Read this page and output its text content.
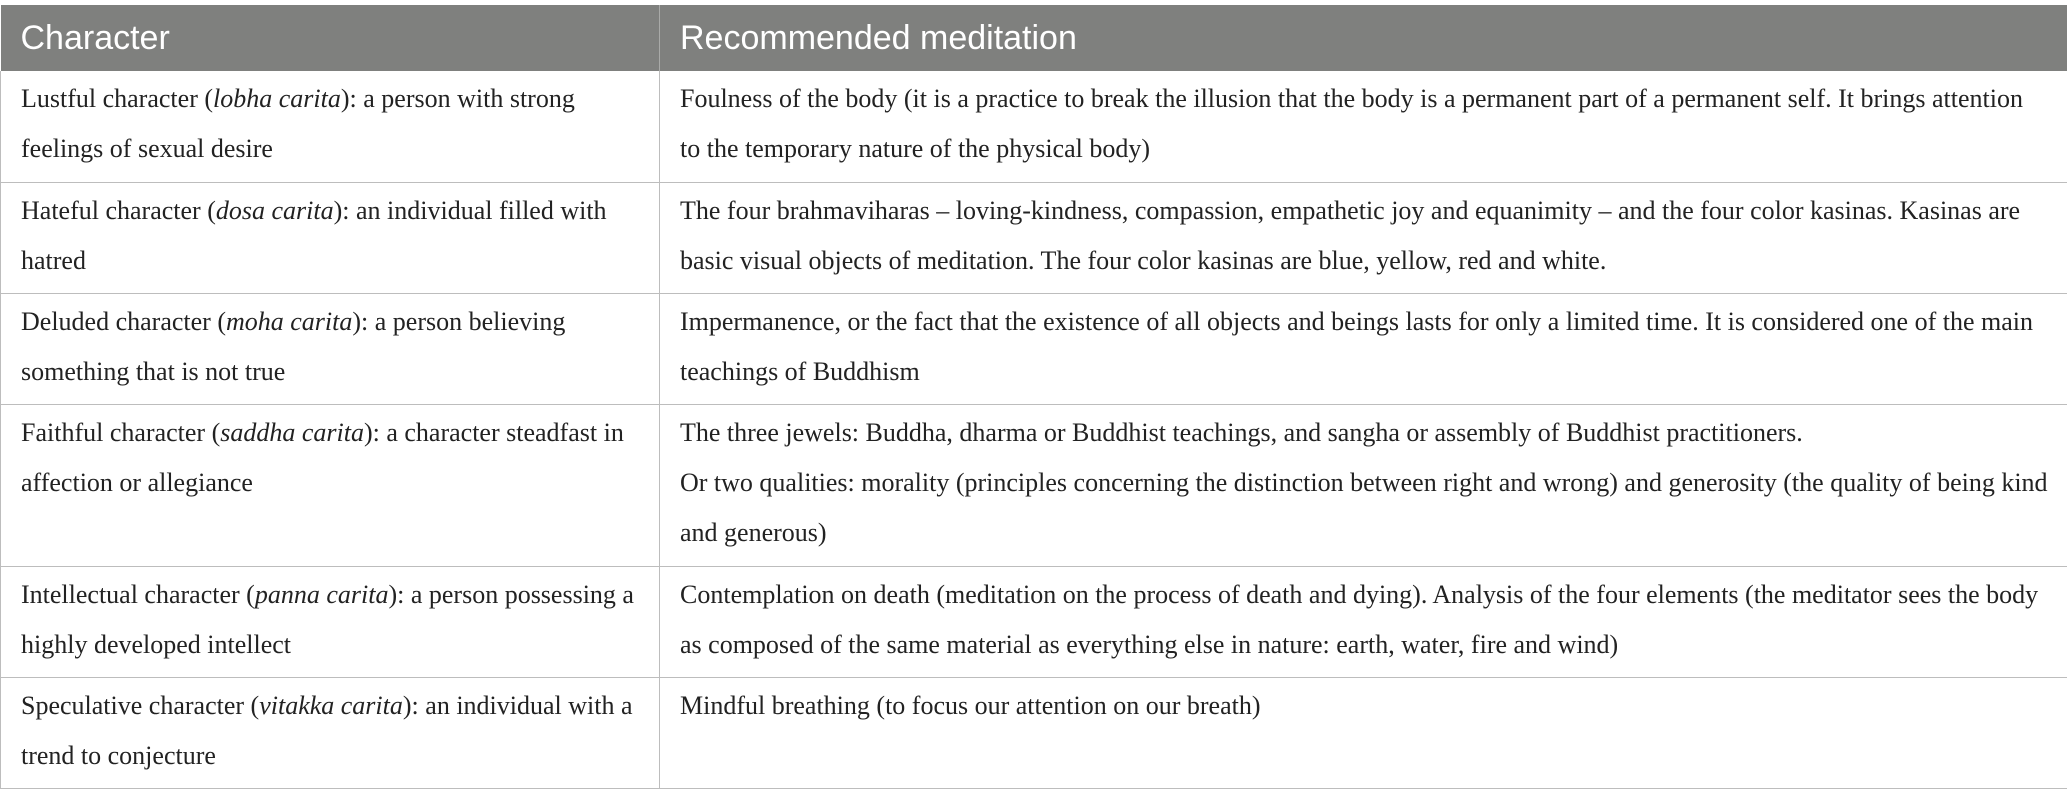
Character	Recommended meditation
Lustful character (lobha carita): a person with strong feelings of sexual desire	Foulness of the body (it is a practice to break the illusion that the body is a permanent part of a permanent self. It brings attention to the temporary nature of the physical body)

Hateful character (dosa carita): an individual filled with hatred	The four brahmaviharas – loving-kindness, compassion, empathetic joy and equanimity – and the four color kasinas. Kasinas are basic visual objects of meditation. The four color kasinas are blue, yellow, red and white.

Deluded character (moha carita): a person believing something that is not true	Impermanence, or the fact that the existence of all objects and beings lasts for only a limited time. It is considered one of the main teachings of Buddhism

Faithful character (saddha carita): a character steadfast in affection or allegiance	The three jewels: Buddha, dharma or Buddhist teachings, and sangha or assembly of Buddhist practitioners.
Or two qualities: morality (principles concerning the distinction between right and wrong) and generosity (the quality of being kind and generous)

Intellectual character (panna carita): a person possessing a highly developed intellect	Contemplation on death (meditation on the process of death and dying). Analysis of the four elements (the meditator sees the body as composed of the same material as everything else in nature: earth, water, fire and wind)

Speculative character (vitakka carita): an individual with a trend to conjecture	Mindful breathing (to focus our attention on our breath)
